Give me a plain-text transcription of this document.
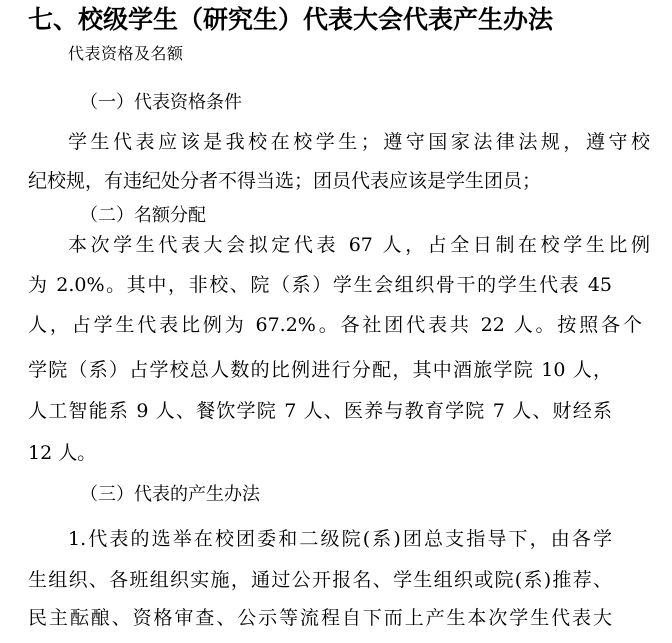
七、校级学生（研究生）代表大会代表产生办法
代表资格及名额
（一）代表资格条件
学生代表应该是我校在校学生；遵守国家法律法规，遵守校
纪校规，有违纪处分者不得当选；团员代表应该是学生团员；
（二）名额分配
本次学生代表大会拟定代表 67 人，占全日制在校学生比例
为 2.0%。其中，非校、院（系）学生会组织骨干的学生代表 45
人，占学生代表比例为 67.2%。各社团代表共 22 人。按照各个
学院（系）占学校总人数的比例进行分配，其中酒旅学院 10 人，
人工智能系 9 人、餐饮学院 7 人、医养与教育学院 7 人、财经系
12 人。
（三）代表的产生办法
1.代表的选举在校团委和二级院(系)团总支指导下，由各学
生组织、各班组织实施，通过公开报名、学生组织或院(系)推荐、
民主酝酿、资格审查、公示等流程自下而上产生本次学生代表大
